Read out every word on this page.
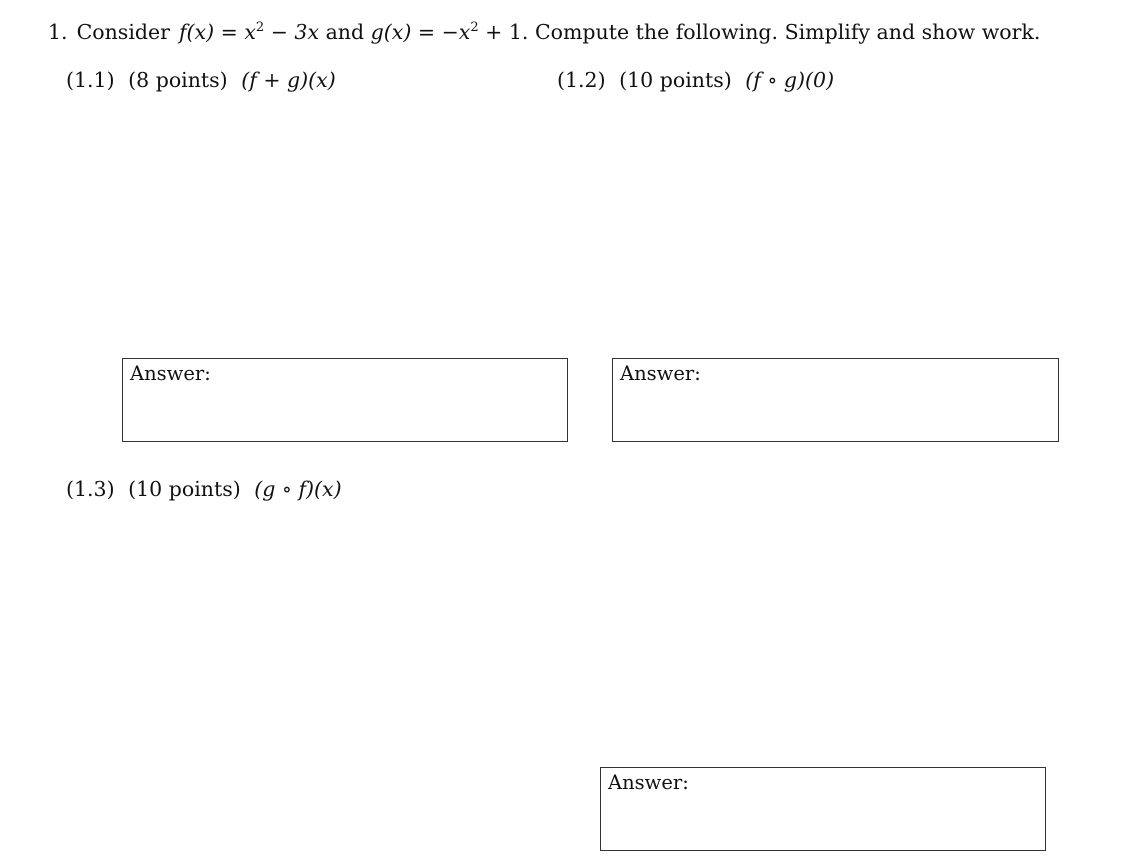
1. Consider $f(x) = x^2 - 3x$ and $g(x) = -x^2 + 1$. Compute the following. Simplify and show work.
(1.1) (8 points) (f + g)(x)	(1.2) (10 points) (f ∘ g)(0)
Answer:	Answer:
(1.3) (10 points) (g ∘ f)(x)
Answer:
